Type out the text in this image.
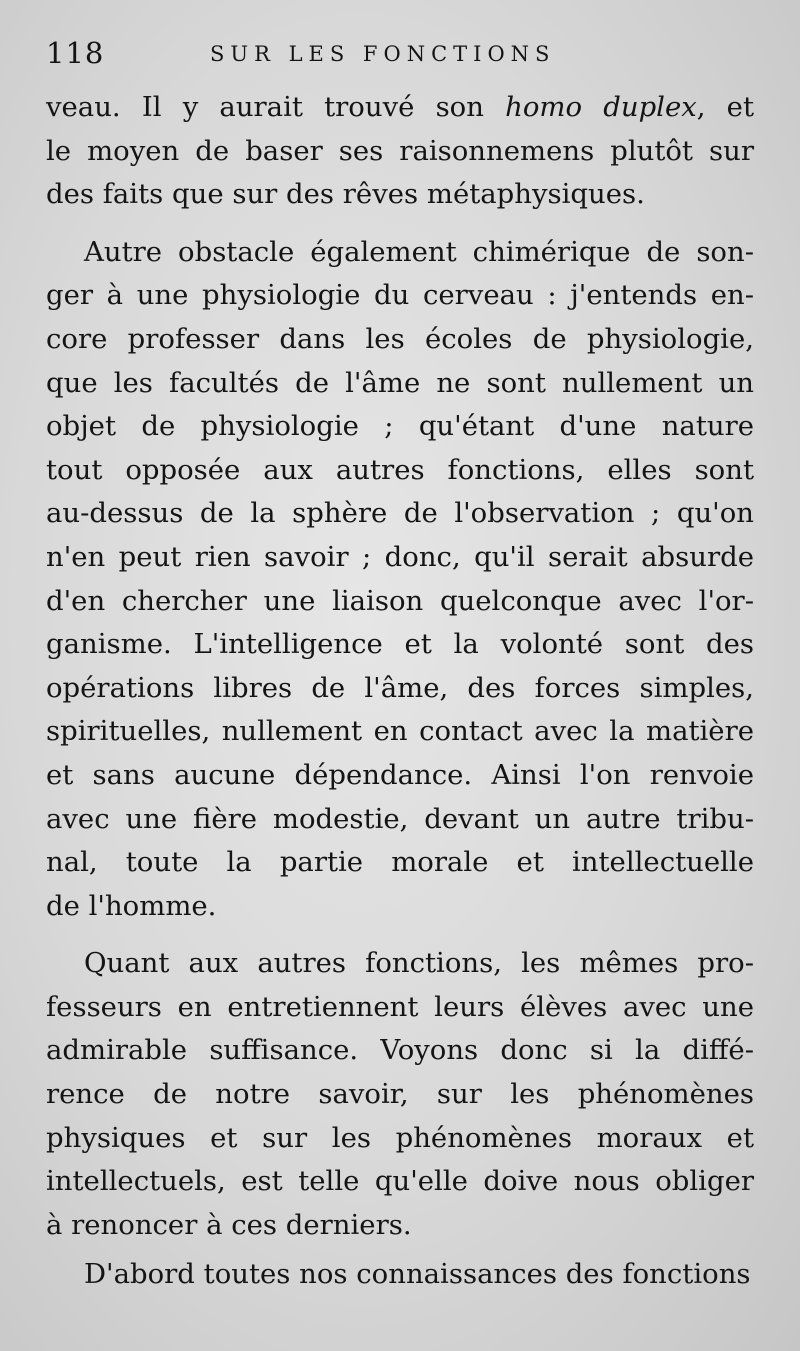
118	SUR LES FONCTIONS
veau. Il y aurait trouvé son homo duplex, et
le moyen de baser ses raisonnemens plutôt sur
des faits que sur des rêves métaphysiques.
Autre obstacle également chimérique de son-
ger à une physiologie du cerveau : j'entends en-
core professer dans les écoles de physiologie,
que les facultés de l'âme ne sont nullement un
objet de physiologie ; qu'étant d'une nature
tout opposée aux autres fonctions, elles sont
au-dessus de la sphère de l'observation ; qu'on
n'en peut rien savoir ; donc, qu'il serait absurde
d'en chercher une liaison quelconque avec l'or-
ganisme. L'intelligence et la volonté sont des
opérations libres de l'âme, des forces simples,
spirituelles, nullement en contact avec la matière
et sans aucune dépendance. Ainsi l'on renvoie
avec une fière modestie, devant un autre tribu-
nal, toute la partie morale et intellectuelle
de l'homme.
Quant aux autres fonctions, les mêmes pro-
fesseurs en entretiennent leurs élèves avec une
admirable suffisance. Voyons donc si la diffé-
rence de notre savoir, sur les phénomènes
physiques et sur les phénomènes moraux et
intellectuels, est telle qu'elle doive nous obliger
à renoncer à ces derniers.
D'abord toutes nos connaissances des fonctions
